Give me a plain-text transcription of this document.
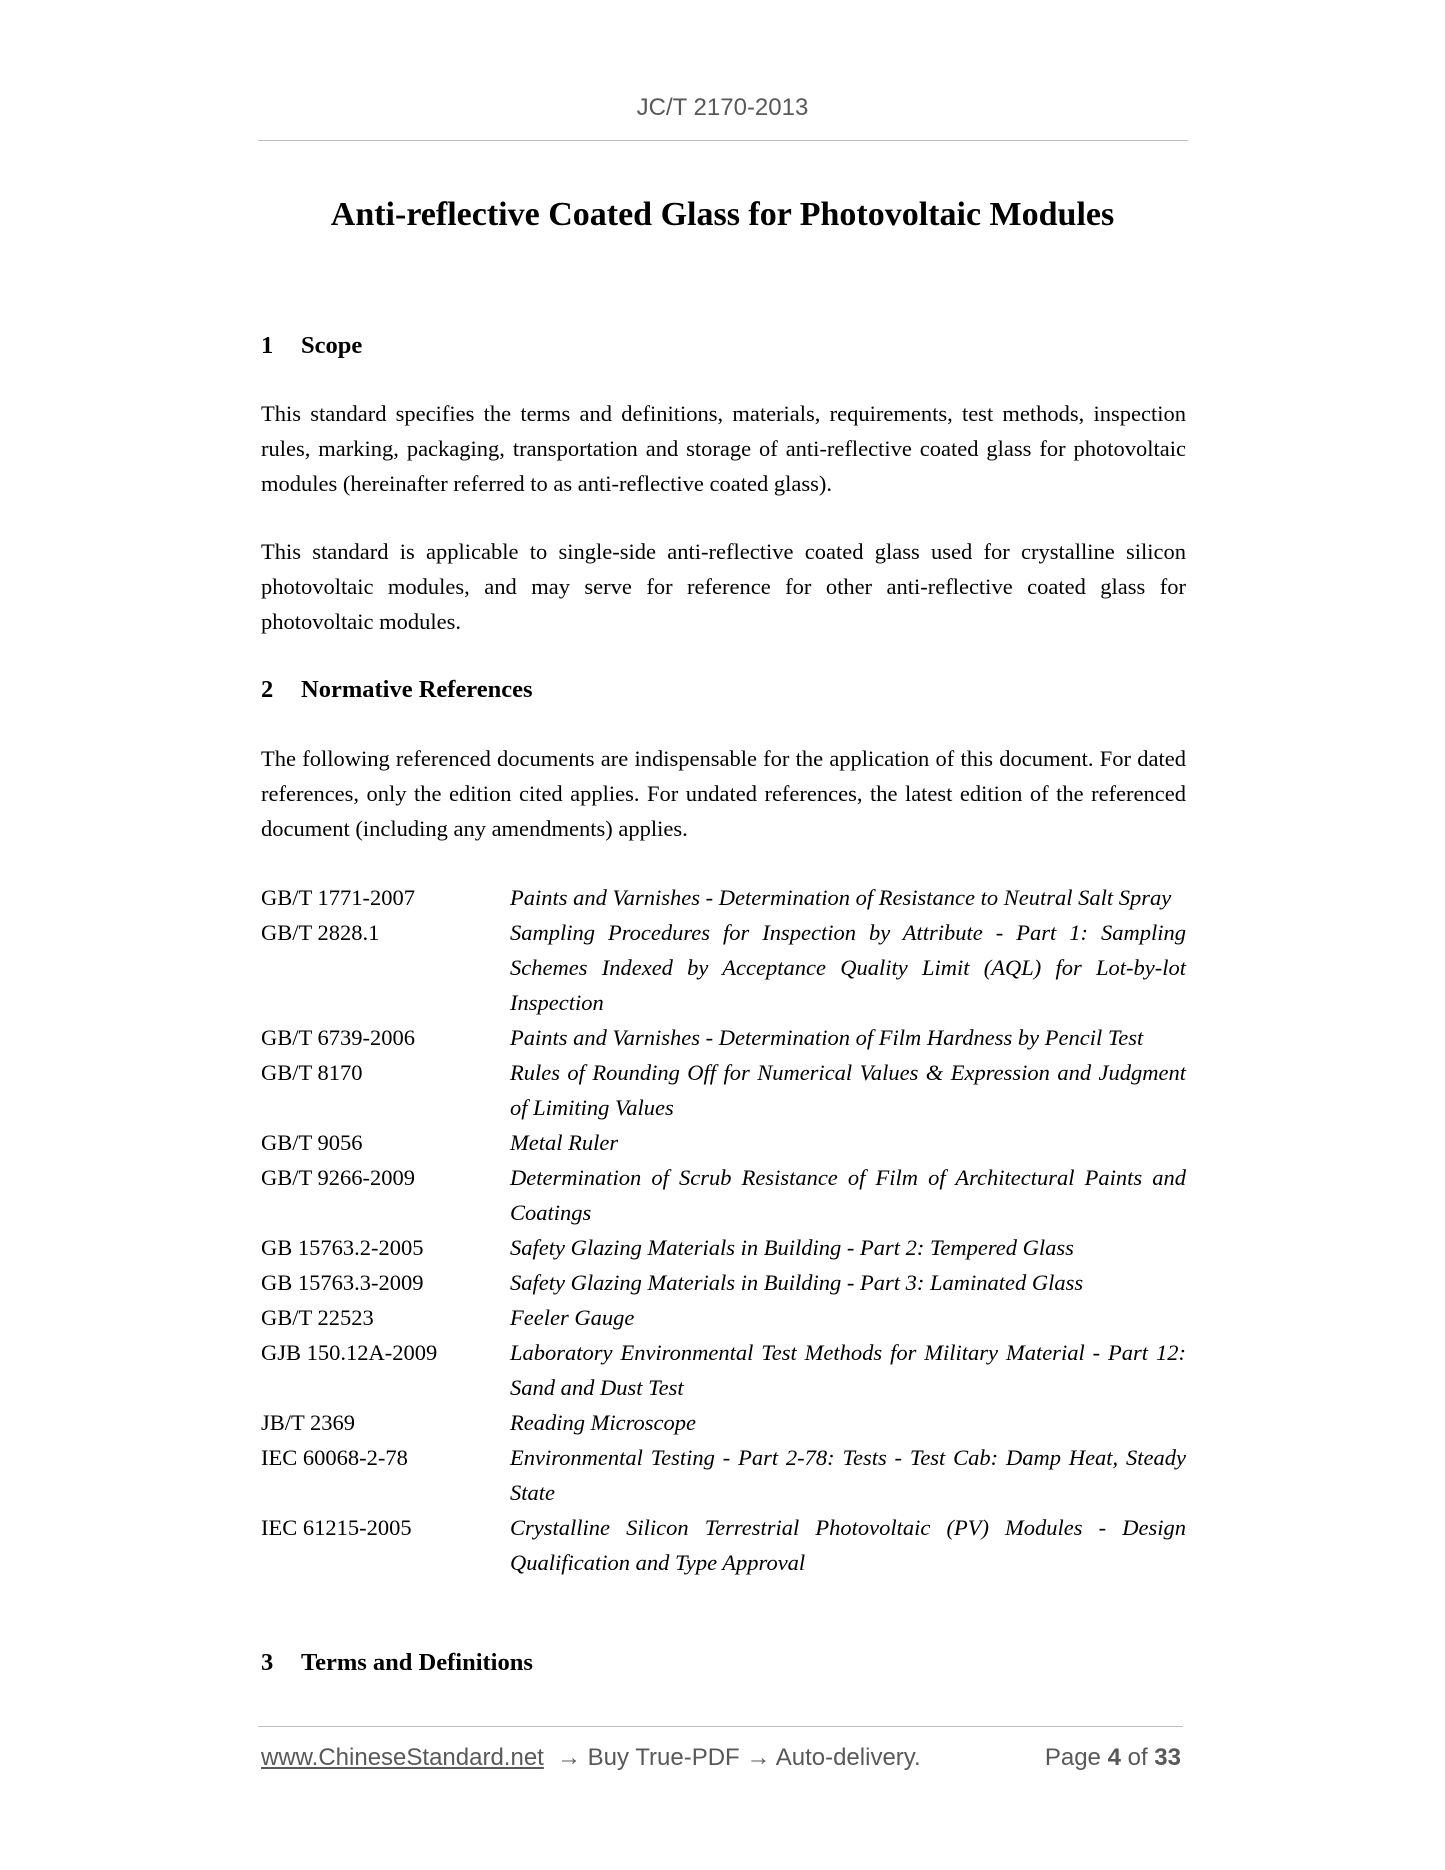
JC/T 2170-2013
Anti-reflective Coated Glass for Photovoltaic Modules
1	Scope

This standard specifies the terms and definitions, materials, requirements, test methods, inspection rules, marking, packaging, transportation and storage of anti-reflective coated glass for photovoltaic modules (hereinafter referred to as anti-reflective coated glass).

This standard is applicable to single-side anti-reflective coated glass used for crystalline silicon photovoltaic modules, and may serve for reference for other anti-reflective coated glass for photovoltaic modules.

2	Normative References

The following referenced documents are indispensable for the application of this document. For dated references, only the edition cited applies. For undated references, the latest edition of the referenced document (including any amendments) applies.

GB/T 1771-2007	Paints and Varnishes - Determination of Resistance to Neutral Salt Spray
GB/T 2828.1	Sampling Procedures for Inspection by Attribute - Part 1: Sampling Schemes Indexed by Acceptance Quality Limit (AQL) for Lot-by-lot Inspection
GB/T 6739-2006	Paints and Varnishes - Determination of Film Hardness by Pencil Test
GB/T 8170	Rules of Rounding Off for Numerical Values & Expression and Judgment of Limiting Values
GB/T 9056	Metal Ruler
GB/T 9266-2009	Determination of Scrub Resistance of Film of Architectural Paints and Coatings
GB 15763.2-2005	Safety Glazing Materials in Building - Part 2: Tempered Glass
GB 15763.3-2009	Safety Glazing Materials in Building - Part 3: Laminated Glass
GB/T 22523	Feeler Gauge
GJB 150.12A-2009	Laboratory Environmental Test Methods for Military Material - Part 12: Sand and Dust Test
JB/T 2369	Reading Microscope
IEC 60068-2-78	Environmental Testing - Part 2-78: Tests - Test Cab: Damp Heat, Steady State
IEC 61215-2005	Crystalline Silicon Terrestrial Photovoltaic (PV) Modules - Design Qualification and Type Approval
3	Terms and Definitions
www.ChineseStandard.net → Buy True-PDF → Auto-delivery.	Page 4 of 33
